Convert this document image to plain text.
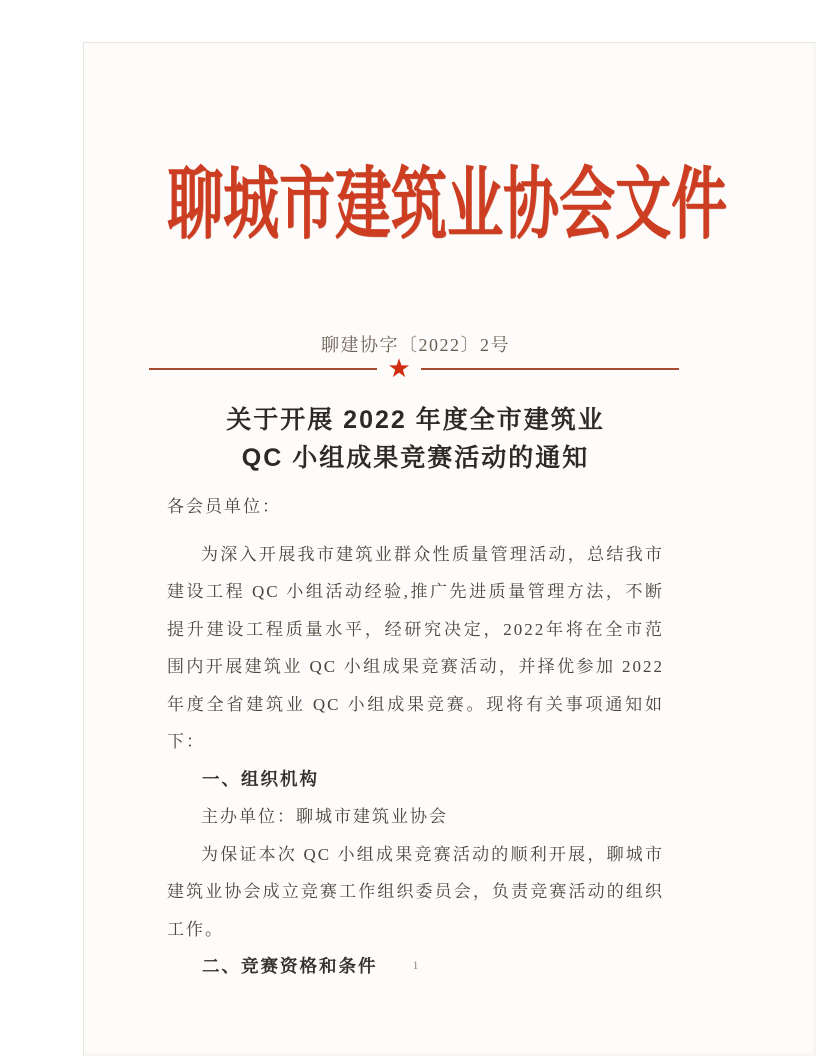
聊城市建筑业协会文件
聊建协字〔2022〕2号
★
关于开展 2022 年度全市建筑业
QC 小组成果竞赛活动的通知

各会员单位：

为深入开展我市建筑业群众性质量管理活动，总结我市建设工程 QC 小组活动经验,推广先进质量管理方法，不断提升建设工程质量水平，经研究决定，2022年将在全市范围内开展建筑业 QC 小组成果竞赛活动，并择优参加 2022 年度全省建筑业 QC 小组成果竞赛。现将有关事项通知如下：

一、组织机构

主办单位：聊城市建筑业协会

为保证本次 QC 小组成果竞赛活动的顺利开展，聊城市建筑业协会成立竞赛工作组织委员会，负责竞赛活动的组织工作。

二、竞赛资格和条件	1
